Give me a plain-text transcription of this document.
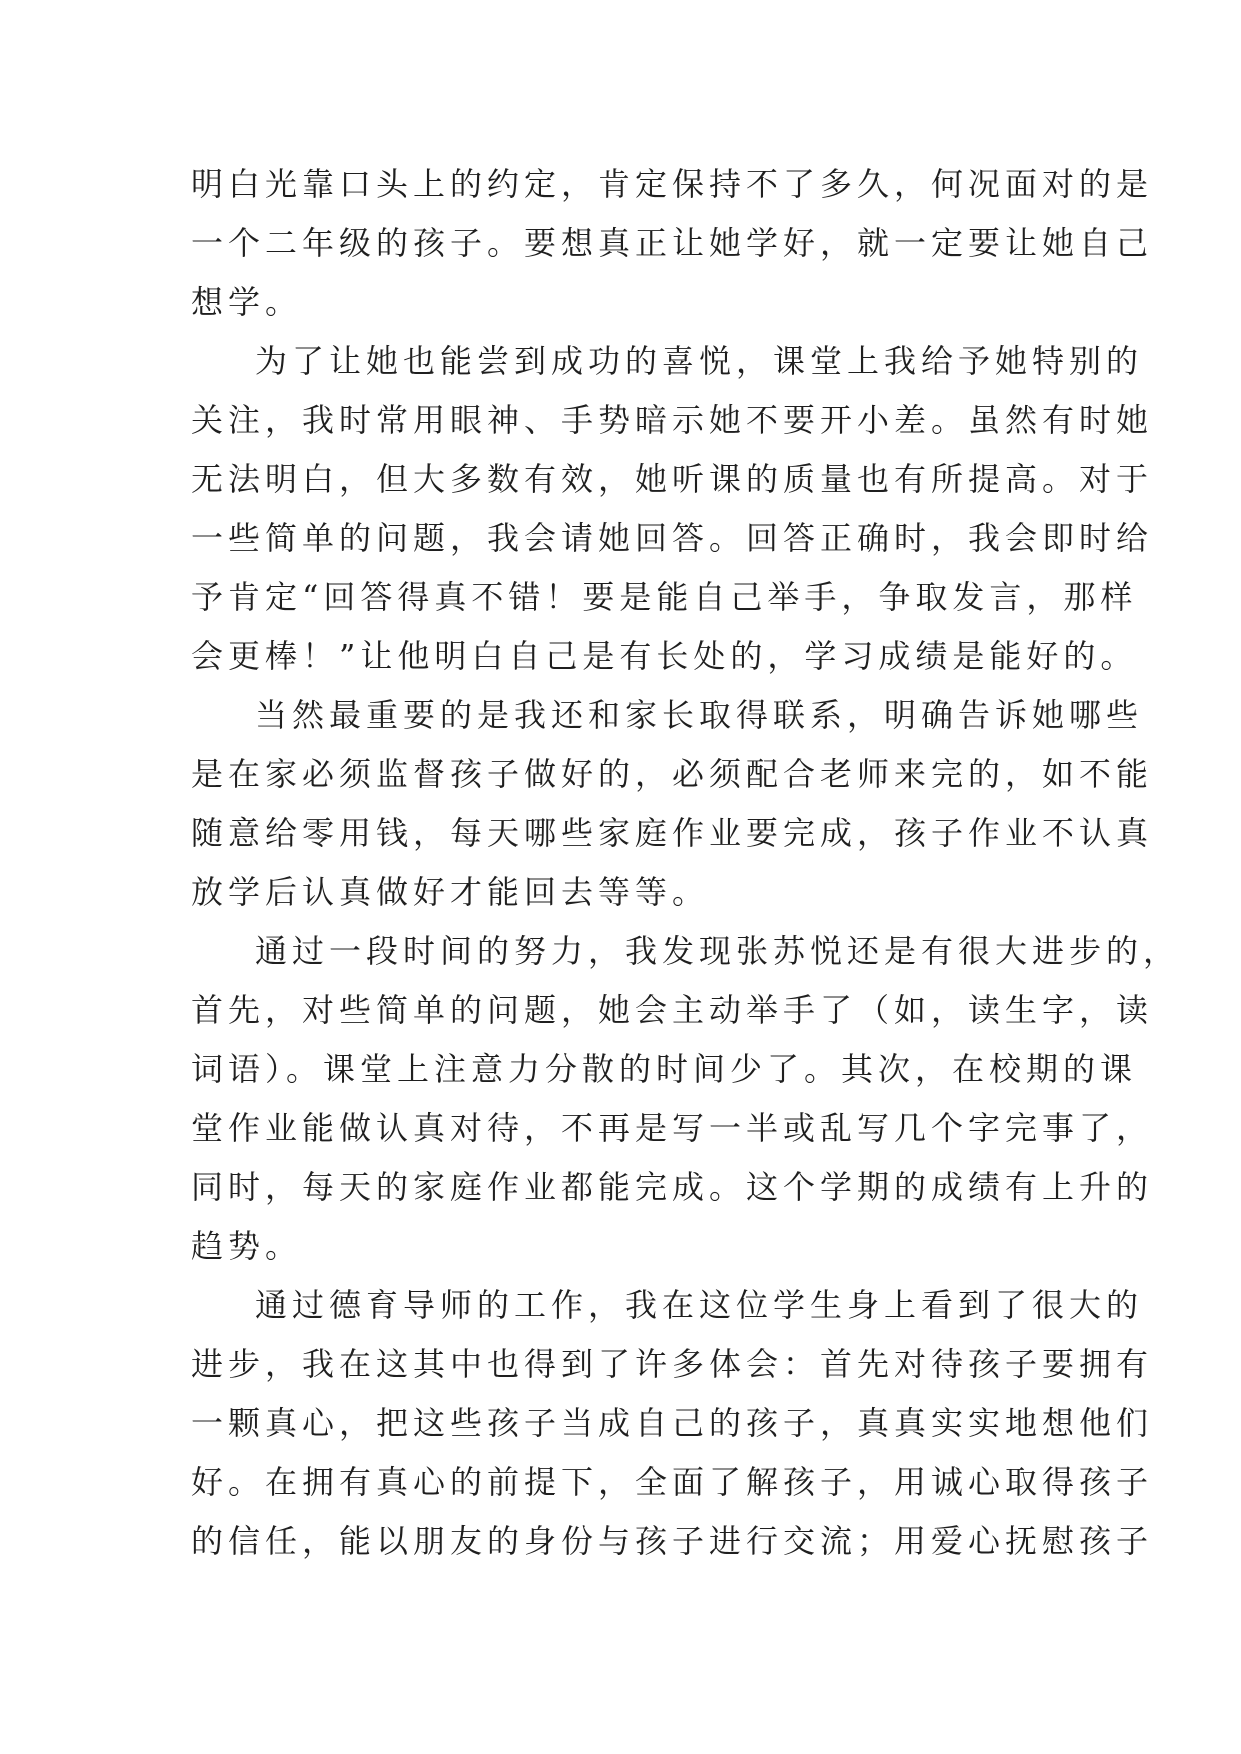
明白光靠口头上的约定，肯定保持不了多久，何况面对的是
一个二年级的孩子。要想真正让她学好，就一定要让她自己
想学。
为了让她也能尝到成功的喜悦，课堂上我给予她特别的
关注，我时常用眼神、手势暗示她不要开小差。虽然有时她
无法明白，但大多数有效，她听课的质量也有所提高。对于
一些简单的问题，我会请她回答。回答正确时，我会即时给
予肯定“回答得真不错！要是能自己举手，争取发言，那样
会更棒！”让他明白自己是有长处的，学习成绩是能好的。
当然最重要的是我还和家长取得联系，明确告诉她哪些
是在家必须监督孩子做好的，必须配合老师来完的，如不能
随意给零用钱，每天哪些家庭作业要完成，孩子作业不认真
放学后认真做好才能回去等等。
通过一段时间的努力，我发现张苏悦还是有很大进步的，
首先，对些简单的问题，她会主动举手了（如，读生字，读
词语）。课堂上注意力分散的时间少了。其次，在校期的课
堂作业能做认真对待，不再是写一半或乱写几个字完事了，
同时，每天的家庭作业都能完成。这个学期的成绩有上升的
趋势。
通过德育导师的工作，我在这位学生身上看到了很大的
进步，我在这其中也得到了许多体会：首先对待孩子要拥有
一颗真心，把这些孩子当成自己的孩子，真真实实地想他们
好。在拥有真心的前提下，全面了解孩子，用诚心取得孩子
的信任，能以朋友的身份与孩子进行交流；用爱心抚慰孩子
